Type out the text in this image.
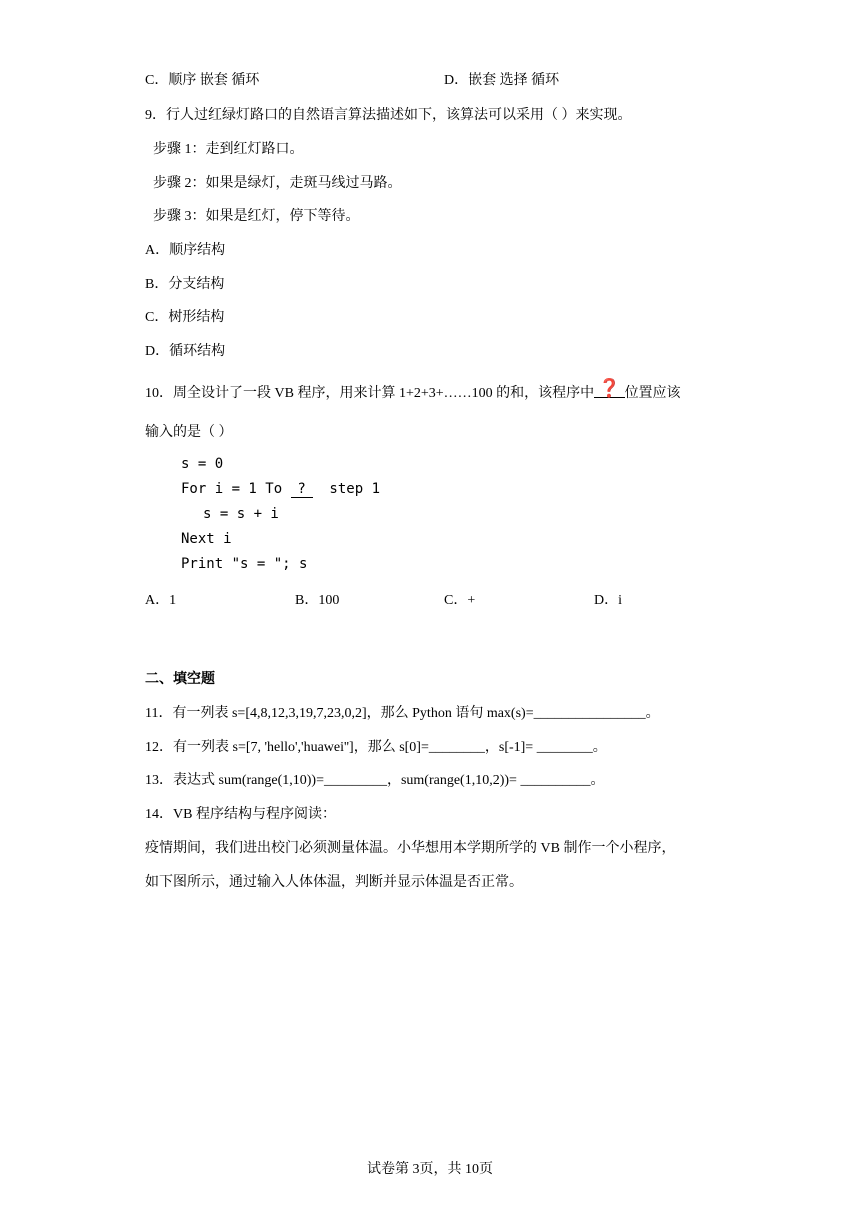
C．顺序 嵌套 循环	D．嵌套 选择 循环
9．行人过红绿灯路口的自然语言算法描述如下，该算法可以采用（ ）来实现。
步骤 1：走到红灯路口。
步骤 2：如果是绿灯，走斑马线过马路。
步骤 3：如果是红灯，停下等待。
A．顺序结构
B．分支结构
C．树形结构
D．循环结构
10．周全设计了一段 VB 程序，用来计算 1+2+3+……100 的和，该程序中 ❓ 位置应该
输入的是（ ）
s = 0
For i = 1 To ?  step 1
s = s + i
Next i
Print "s = "; s
A．1	B．100	C．+	D．i
二、填空题
11．有一列表 s=[4,8,12,3,19,7,23,0,2]，那么 Python 语句 max(s)=________________。
12．有一列表 s=[7, 'hello','huawei'']，那么 s[0]=________，s[-1]= ________。
13．表达式 sum(range(1,10))=_________，sum(range(1,10,2))= __________。
14．VB 程序结构与程序阅读：
疫情期间，我们进出校门必须测量体温。小华想用本学期所学的 VB 制作一个小程序，
如下图所示，通过输入人体体温，判断并显示体温是否正常。
试卷第 3页，共 10页
